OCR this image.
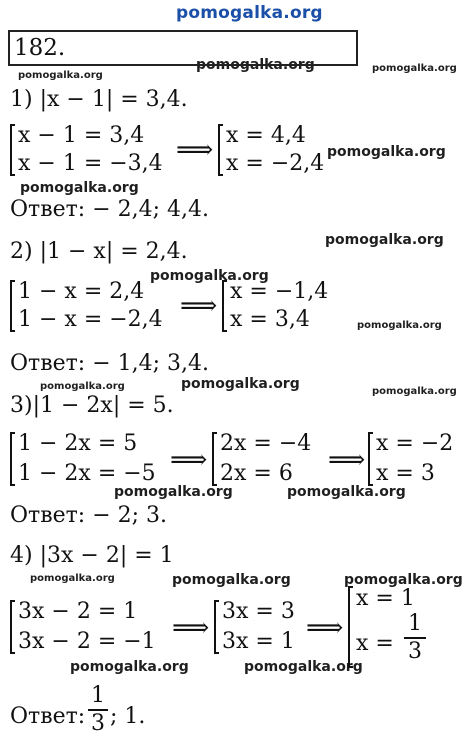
pomogalka.org
pomogalka.org
pomogalka.org	pomogalka.org
pomogalka.org
pomogalka.org
pomogalka.org
pomogalka.org
pomogalka.org
pomogalka.org	pomogalka.org	pomogalka.org
pomogalka.org	pomogalka.org
pomogalka.org	pomogalka.org	pomogalka.org
pomogalka.org	pomogalka.org
182.
1) |x − 1| = 3,4.
x − 1 = 3,4
x − 1 = −3,4 ⟹ x = 4,4
x = −2,4
Ответ: − 2,4; 4,4.
2) |1 − x| = 2,4.
1 − x = 2,4
1 − x = −2,4 ⟹ x = −1,4
x = 3,4
Ответ: − 1,4; 3,4.
3)|1 − 2x| = 5.
1 − 2x = 5
1 − 2x = −5 ⟹
2x = −4
2x = 6 ⟹
x = −2
x = 3
Ответ: − 2; 3.
4) |3x − 2| = 1
3x − 2 = 1
3x − 2 = −1 ⟹
3x = 3
3x = 1 ⟹
x = 1
x =
1
3
Ответ:
1
3 ; 1.
